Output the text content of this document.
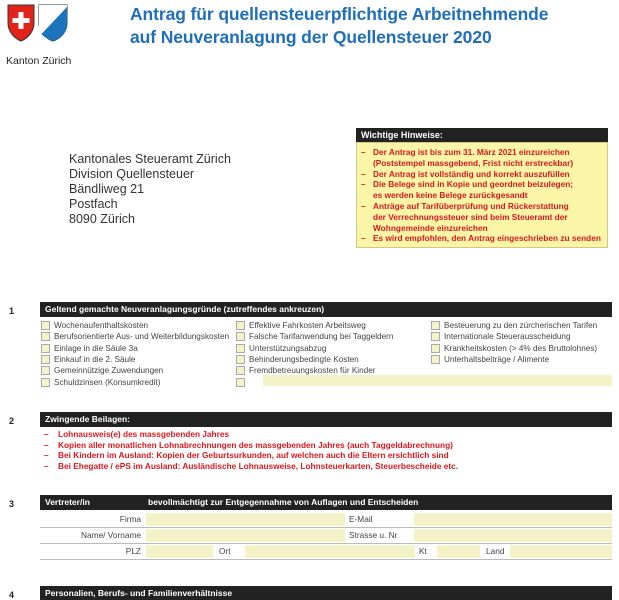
Kanton Zürich
Antrag für quellensteuerpflichtige Arbeitnehmende
auf Neuveranlagung der Quellensteuer 2020
Kantonales Steueramt Zürich
Division Quellensteuer
Bändliweg 21
Postfach
8090 Zürich
Wichtige Hinweise:
– Der Antrag ist bis zum 31. März 2021 einzureichen
(Poststempel massgebend, Frist nicht erstreckbar)
– Der Antrag ist vollständig und korrekt auszufüllen
– Die Belege sind in Kopie und geordnet beizulegen;
es werden keine Belege zurückgesandt
– Anträge auf Tarifüberprüfung und Rückerstattung
der Verrechnungssteuer sind beim Steueramt der
Wohngemeinde einzureichen
– Es wird empfohlen, den Antrag eingeschrieben zu senden
1	Geltend gemachte Neuveranlagungsgründe (zutreffendes ankreuzen)
Wochenaufenthaltskosten
Berufsorientierte Aus- und Weiterbildungskosten
Einlage in die Säule 3a
Einkauf in die 2. Säule
Gemeinnützige Zuwendungen
Schuldzinsen (Konsumkredit)
Effektive Fahrkosten Arbeitsweg
Falsche Tarifanwendung bei Taggeldern
Unterstützungsabzug
Behinderungsbedingte Kosten
Fremdbetreuungskosten für Kinder
Besteuerung zu den zürcherischen Tarifen
Internationale Steuerausscheidung
Krankheitskosten (> 4% des Bruttolohnes)
Unterhaltsbeiträge / Alimente
2	Zwingende Beilagen:
–	Lohnausweis(e) des massgebenden Jahres
–	Kopien aller monatlichen Lohnabrechnungen des massgebenden Jahres (auch Taggeldabrechnung)
–	Bei Kindern im Ausland: Kopien der Geburtsurkunden, auf welchen auch die Eltern ersichtlich sind
–	Bei Ehegatte / ePS im Ausland: Ausländische Lohnausweise, Lohnsteuerkarten, Steuerbescheide etc.
3	Vertreter/in	bevollmächtigt zur Entgegennahme von Auflagen und Entscheiden
Firma	E-Mail
Name/ Vorname	Strasse u. Nr
PLZ	Ort	Kt	Land
4	Personalien, Berufs- und Familienverhältnisse
